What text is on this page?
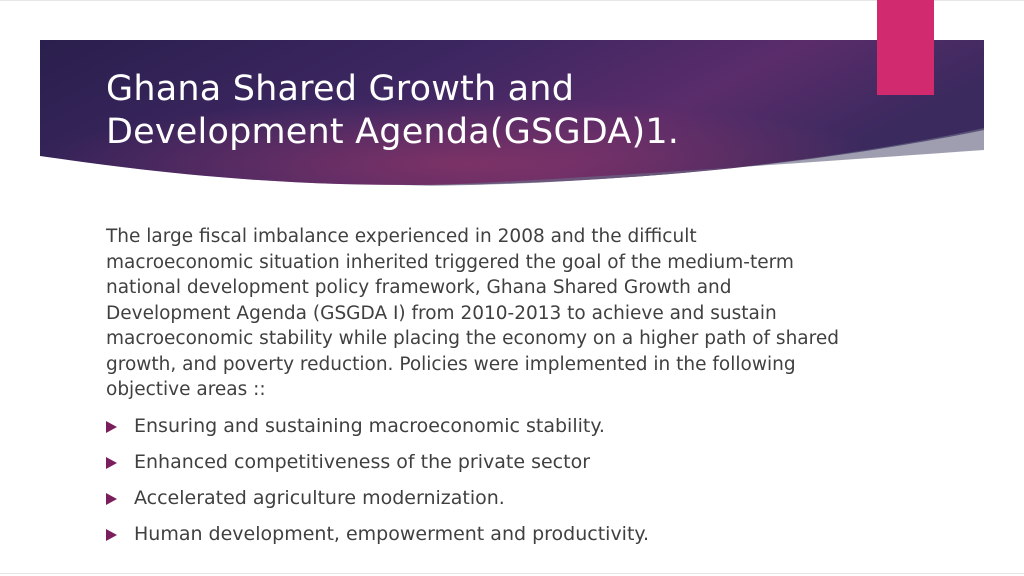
Ghana Shared Growth and
Development Agenda(GSGDA)1.

The large fiscal imbalance experienced in 2008 and the difficult macroeconomic situation inherited triggered the goal of the medium-term national development policy framework, Ghana Shared Growth and Development Agenda (GSGDA I) from 2010-2013 to achieve and sustain macroeconomic stability while placing the economy on a higher path of shared growth, and poverty reduction. Policies were implemented in the following objective areas ::

Ensuring and sustaining macroeconomic stability.
Enhanced competitiveness of the private sector
Accelerated agriculture modernization.
Human development, empowerment and productivity.
